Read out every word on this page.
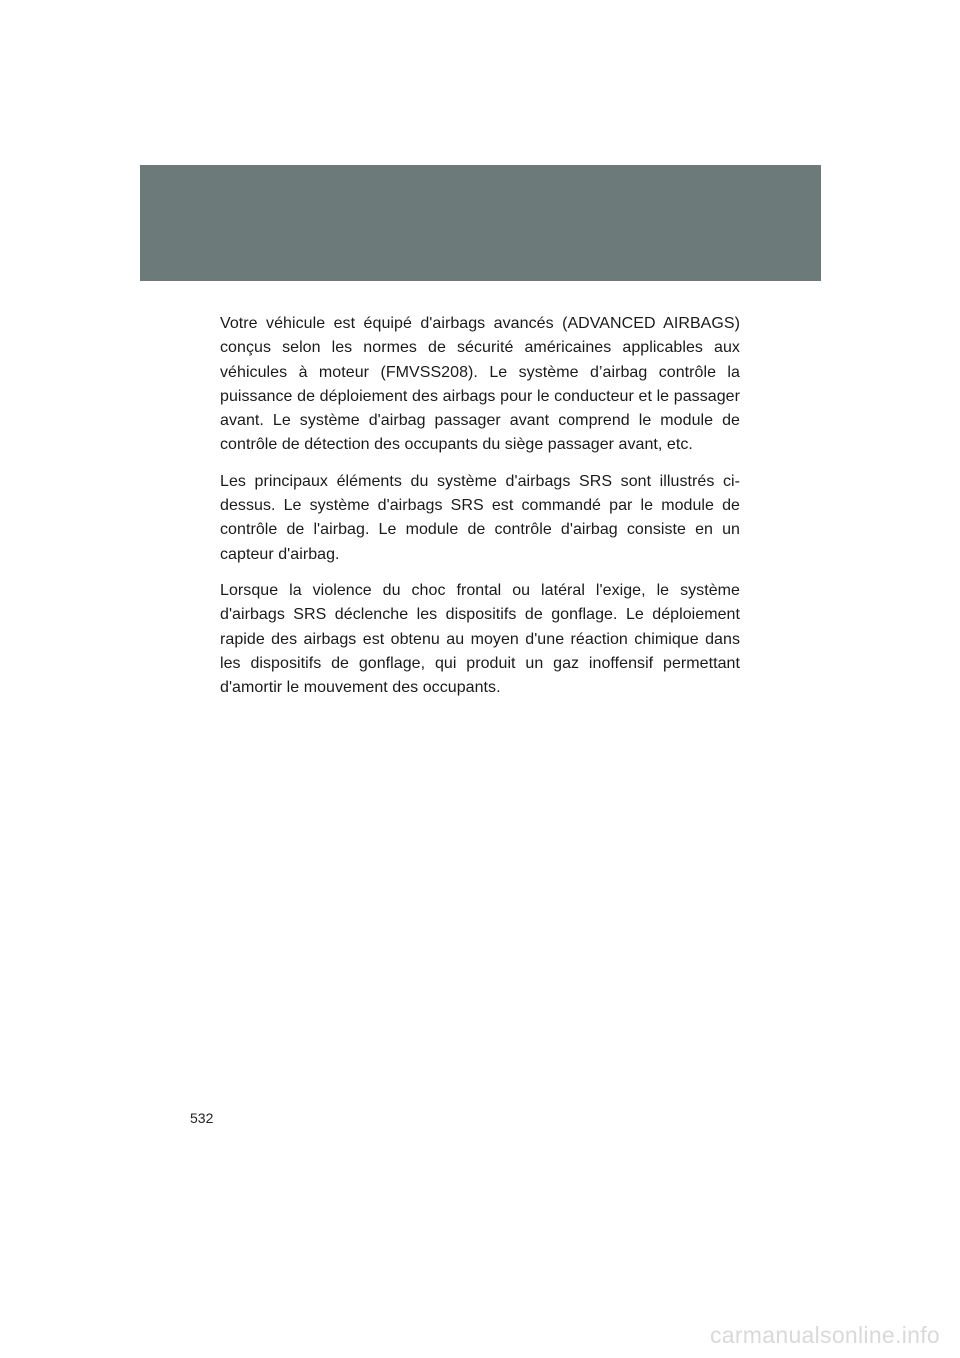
Votre véhicule est équipé d'airbags avancés (ADVANCED AIRBAGS) conçus selon les normes de sécurité américaines applicables aux véhicules à moteur (FMVSS208). Le système d’airbag contrôle la puissance de déploiement des airbags pour le conducteur et le passager avant. Le système d'airbag passager avant comprend le module de contrôle de détection des occupants du siège passager avant, etc.

Les principaux éléments du système d'airbags SRS sont illustrés ci-dessus. Le système d'airbags SRS est commandé par le module de contrôle de l'airbag. Le module de contrôle d'airbag consiste en un capteur d'airbag.

Lorsque la violence du choc frontal ou latéral l'exige, le système d'airbags SRS déclenche les dispositifs de gonflage. Le déploiement rapide des airbags est obtenu au moyen d'une réaction chimique dans les dispositifs de gonflage, qui produit un gaz inoffensif permettant d'amortir le mouvement des occupants.

532
carmanualsonline.info
